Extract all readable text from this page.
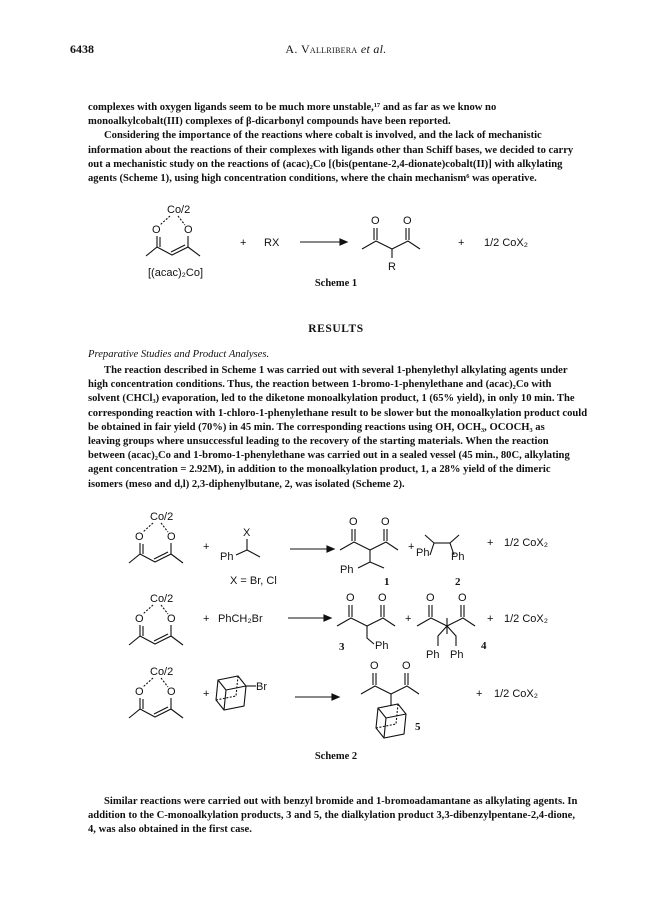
6438	A. Vallribera et al.
complexes with oxygen ligands seem to be much more unstable,¹⁷ and as far as we know no
monoalkylcobalt(III) complexes of β-dicarbonyl compounds have been reported.
Considering the importance of the reactions where cobalt is involved, and the lack of mechanistic
information about the reactions of their complexes with ligands other than Schiff bases, we decided to carry
out a mechanistic study on the reactions of (acac)₂Co [(bis(pentane-2,4-dionate)cobalt(II)] with alkylating
agents (Scheme 1), using high concentration conditions, where the chain mechanism⁶ was operative.
Co/2
O O
+ RX
O O
R
+ 1/2 CoX₂
[(acac)₂Co]
Scheme 1
RESULTS
Preparative Studies and Product Analyses.
The reaction described in Scheme 1 was carried out with several 1-phenylethyl alkylating agents under
high concentration conditions. Thus, the reaction between 1-bromo-1-phenylethane and (acac)₂Co with
solvent (CHCl₃) evaporation, led to the diketone monoalkylation product, 1 (65% yield), in only 10 min. The
corresponding reaction with 1-chloro-1-phenylethane result to be slower but the monoalkylation product could
be obtained in fair yield (70%) in 45 min. The corresponding reactions using OH, OCH₃, OCOCH₃ as
leaving groups where unsuccessful leading to the recovery of the starting materials. When the reaction
between (acac)₂Co and 1-bromo-1-phenylethane was carried out in a sealed vessel (45 min., 80C, alkylating
agent concentration = 2.92M), in addition to the monoalkylation product, 1, a 28% yield of the dimeric
isomers (meso and d,l) 2,3-diphenylbutane, 2, was isolated (Scheme 2).
Co/2
O O
+
X
Ph
X = Br, Cl
O O
Ph
1
+ Ph Ph
2
+ 1/2 CoX₂
Co/2
O O + PhCH₂Br
O O
Ph
3
+
O O
Ph Ph
4
+ 1/2 CoX₂
Co/2
O O +
Br
O O
5
+ 1/2 CoX₂
Scheme 2
Similar reactions were carried out with benzyl bromide and 1-bromoadamantane as alkylating agents. In
addition to the C-monoalkylation products, 3 and 5, the dialkylation product 3,3-dibenzylpentane-2,4-dione,
4, was also obtained in the first case.
